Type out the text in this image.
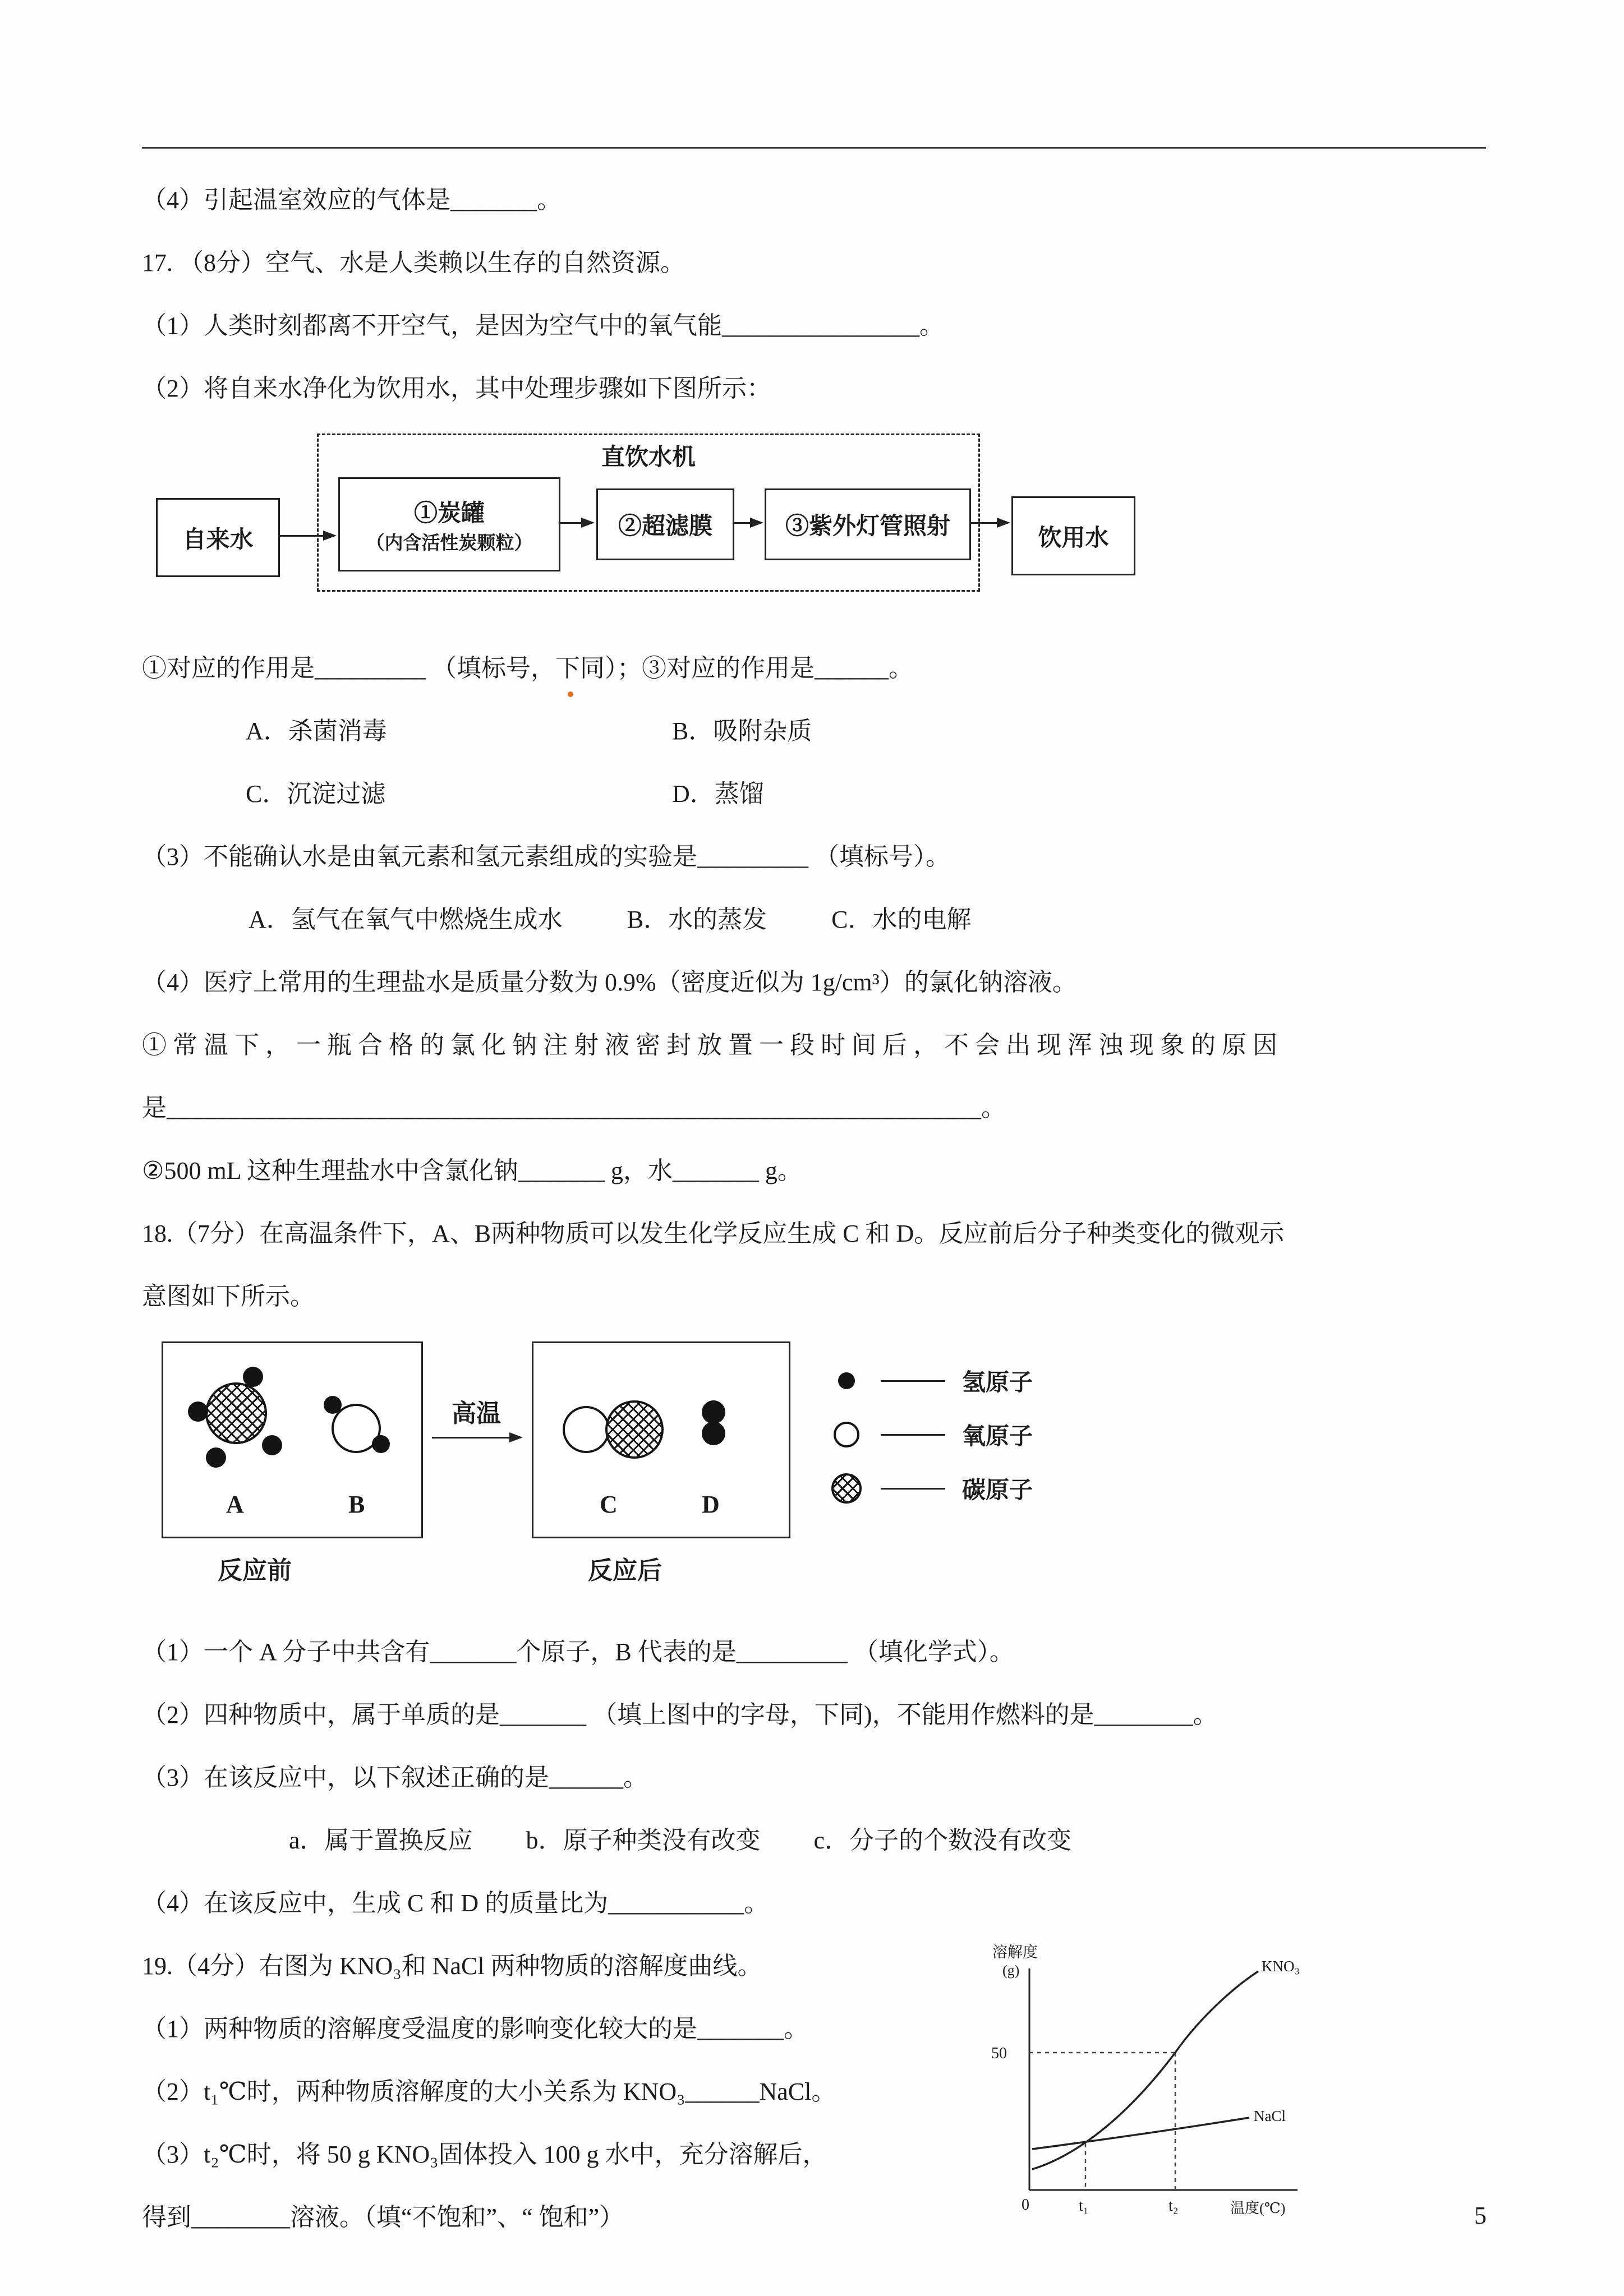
（4）引起温室效应的气体是_______。

17. （8分）空气、水是人类赖以生存的自然资源。

（1）人类时刻都离不开空气，是因为空气中的氧气能________________。

（2）将自来水净化为饮用水，其中处理步骤如下图所示：

直饮水机
自来水
①炭罐
（内含活性炭颗粒）
②超滤膜	③紫外灯管照射	饮用水

①对应的作用是_________ （填标号，下同）；③对应的作用是______。

A．杀菌消毒	B．吸附杂质
C．沉淀过滤	D．蒸馏

（3）不能确认水是由氧元素和氢元素组成的实验是_________ （填标号）。

A．氢气在氧气中燃烧生成水	B．水的蒸发	C．水的电解

（4）医疗上常用的生理盐水是质量分数为 0.9%（密度近似为 1g/cm³）的氯化钠溶液。

① 常 温 下 ， 一 瓶 合 格 的 氯 化 钠 注 射 液 密 封 放 置 一 段 时 间 后 ， 不 会 出 现 浑 浊 现 象 的 原 因

是__________________________________________________________________。

②500 mL 这种生理盐水中含氯化钠_______ g，水_______ g。

18.（7分）在高温条件下，A、B两种物质可以发生化学反应生成 C 和 D。反应前后分子种类变化的微观示

意图如下所示。

A	B
高温
C	D
反应前	反应后
氢原子
氧原子
碳原子

（1）一个 A 分子中共含有_______个原子，B 代表的是_________ （填化学式）。

（2）四种物质中，属于单质的是_______ （填上图中的字母，下同)，不能用作燃料的是________。

（3）在该反应中，以下叙述正确的是______。

a．属于置换反应 b．原子种类没有改变 c．分子的个数没有改变

（4）在该反应中，生成 C 和 D 的质量比为___________。

溶解度
(g)
50
0	t₁	t₂	温度(℃)
KNO₃
NaCl

19.（4分）右图为 KNO₃和 NaCl 两种物质的溶解度曲线。

（1）两种物质的溶解度受温度的影响变化较大的是_______。

（2）t₁℃时，两种物质溶解度的大小关系为 KNO₃______NaCl。

（3）t₂℃时，将 50 g KNO₃固体投入 100 g 水中，充分溶解后，

得到________溶液。（填“不饱和”、“ 饱和”）	5
